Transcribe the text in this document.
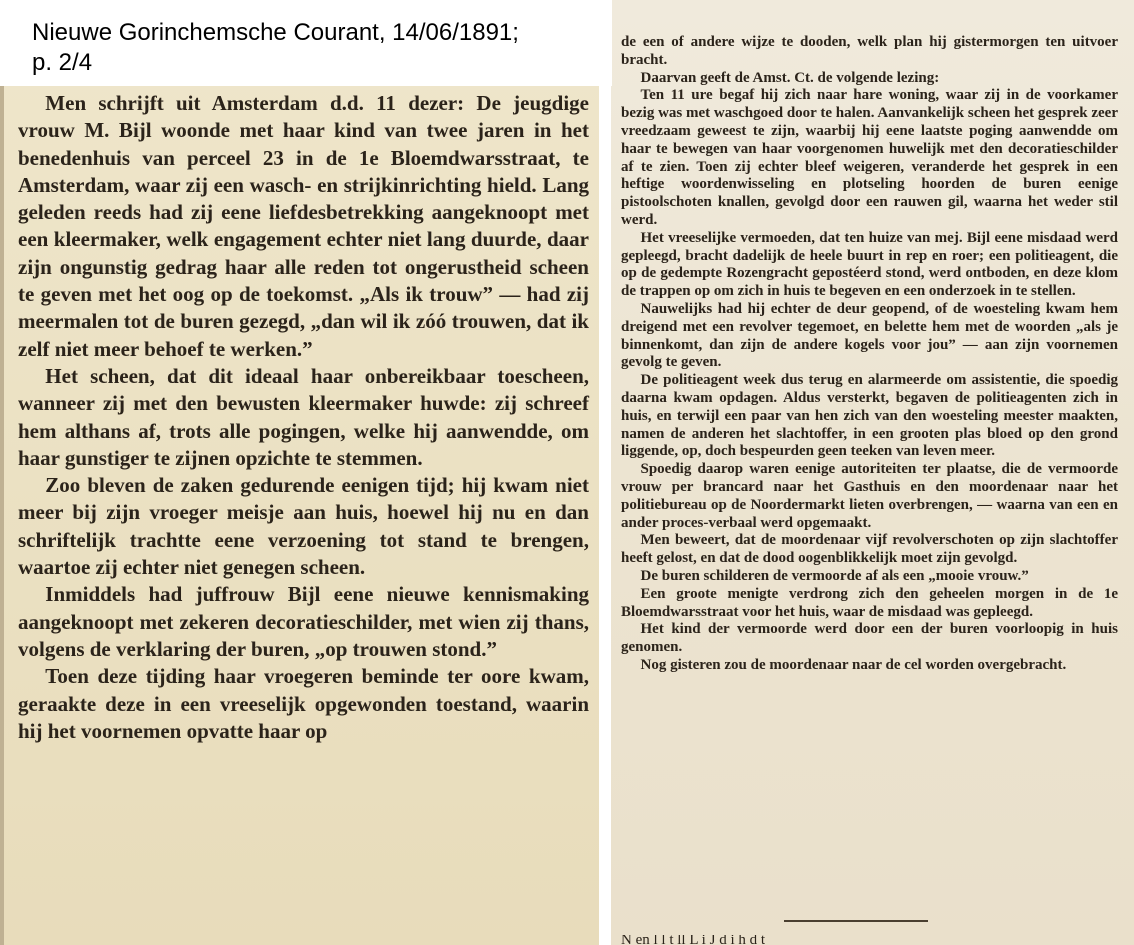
Men schrijft uit Amsterdam d.d. 11 dezer: De jeugdige vrouw M. Bijl woonde met haar kind van twee jaren in het benedenhuis van perceel 23 in de 1e Bloemdwarsstraat, te Amsterdam, waar zij een wasch- en strijkinrichting hield. Lang geleden reeds had zij eene liefdesbetrekking aangeknoopt met een kleermaker, welk engagement echter niet lang duurde, daar zijn ongunstig gedrag haar alle reden tot ongerustheid scheen te geven met het oog op de toekomst. „Als ik trouw” — had zij meermalen tot de buren gezegd, „dan wil ik zóó trouwen, dat ik zelf niet meer behoef te werken.”

Het scheen, dat dit ideaal haar onbereikbaar toescheen, wanneer zij met den bewusten kleermaker huwde: zij schreef hem althans af, trots alle pogingen, welke hij aanwendde, om haar gunstiger te zijnen opzichte te stemmen.

Zoo bleven de zaken gedurende eenigen tijd; hij kwam niet meer bij zijn vroeger meisje aan huis, hoewel hij nu en dan schriftelijk trachtte eene verzoening tot stand te brengen, waartoe zij echter niet genegen scheen.

Inmiddels had juffrouw Bijl eene nieuwe kennismaking aangeknoopt met zekeren decoratieschilder, met wien zij thans, volgens de verklaring der buren, „op trouwen stond.”

Toen deze tijding haar vroegeren beminde ter oore kwam, geraakte deze in een vreeselijk opgewonden toestand, waarin hij het voornemen opvatte haar op

de een of andere wijze te dooden, welk plan hij gistermorgen ten uitvoer bracht.

Daarvan geeft de Amst. Ct. de volgende lezing:

Ten 11 ure begaf hij zich naar hare woning, waar zij in de voorkamer bezig was met waschgoed door te halen. Aanvankelijk scheen het gesprek zeer vreedzaam geweest te zijn, waarbij hij eene laatste poging aanwendde om haar te bewegen van haar voorgenomen huwelijk met den decoratieschilder af te zien. Toen zij echter bleef weigeren, veranderde het gesprek in een heftige woordenwisseling en plotseling hoorden de buren eenige pistoolschoten knallen, gevolgd door een rauwen gil, waarna het weder stil werd.

Het vreeselijke vermoeden, dat ten huize van mej. Bijl eene misdaad werd gepleegd, bracht dadelijk de heele buurt in rep en roer; een politieagent, die op de gedempte Rozengracht gepostéerd stond, werd ontboden, en deze klom de trappen op om zich in huis te begeven en een onderzoek in te stellen.

Nauwelijks had hij echter de deur geopend, of de woesteling kwam hem dreigend met een revolver tegemoet, en belette hem met de woorden „als je binnenkomt, dan zijn de andere kogels voor jou” — aan zijn voornemen gevolg te geven.

De politieagent week dus terug en alarmeerde om assistentie, die spoedig daarna kwam opdagen. Aldus versterkt, begaven de politieagenten zich in huis, en terwijl een paar van hen zich van den woesteling meester maakten, namen de anderen het slachtoffer, in een grooten plas bloed op den grond liggende, op, doch bespeurden geen teeken van leven meer.

Spoedig daarop waren eenige autoriteiten ter plaatse, die de vermoorde vrouw per brancard naar het Gasthuis en den moordenaar naar het politiebureau op de Noordermarkt lieten overbrengen, — waarna van een en ander proces-verbaal werd opgemaakt.

Men beweert, dat de moordenaar vijf revolverschoten op zijn slachtoffer heeft gelost, en dat de dood oogenblikkelijk moet zijn gevolgd.

De buren schilderen de vermoorde af als een „mooie vrouw.”

Een groote menigte verdrong zich den geheelen morgen in de 1e Bloemdwarsstraat voor het huis, waar de misdaad was gepleegd.

Het kind der vermoorde werd door een der buren voorloopig in huis genomen.

Nog gisteren zou de moordenaar naar de cel worden overgebracht.

N en l l t ll L i J d i h d t
Nieuwe Gorinchemsche Courant, 14/06/1891;
p. 2/4
